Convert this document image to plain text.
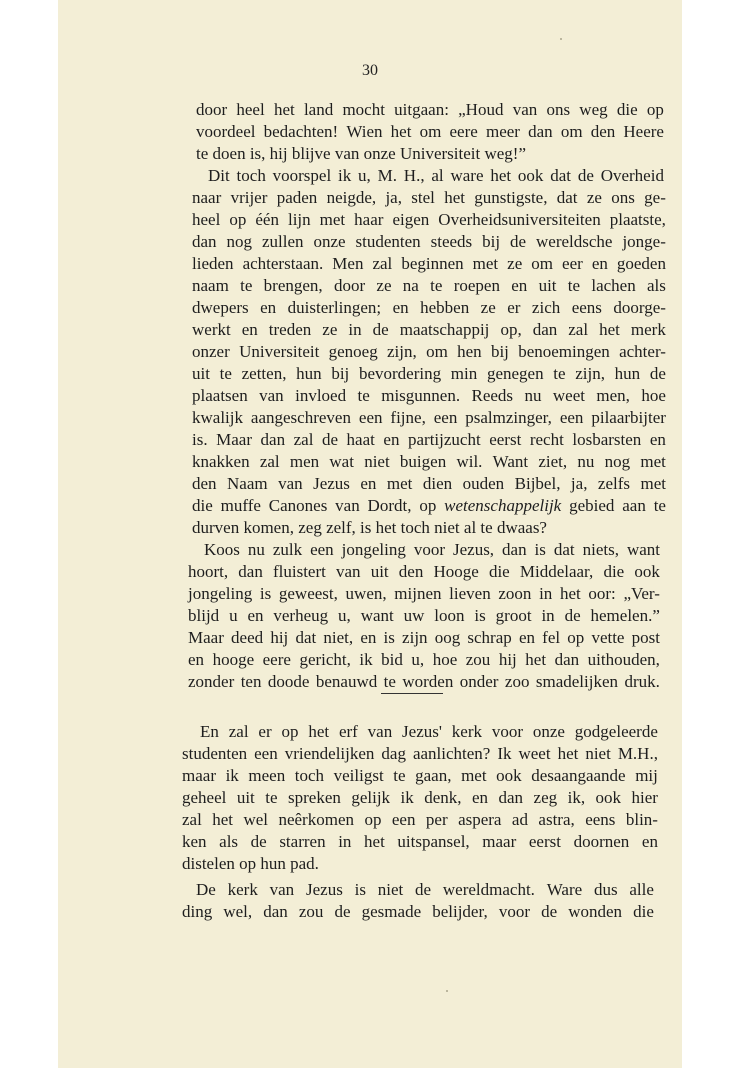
30
door heel het land mocht uitgaan: „Houd van ons weg die op
voordeel bedachten! Wien het om eere meer dan om den Heere
te doen is, hij blijve van onze Universiteit weg!”
Dit toch voorspel ik u, M. H., al ware het ook dat de Overheid
naar vrijer paden neigde, ja, stel het gunstigste, dat ze ons ge-
heel op één lijn met haar eigen Overheidsuniversiteiten plaatste,
dan nog zullen onze studenten steeds bij de wereldsche jonge-
lieden achterstaan. Men zal beginnen met ze om eer en goeden
naam te brengen, door ze na te roepen en uit te lachen als
dwepers en duisterlingen; en hebben ze er zich eens doorge-
werkt en treden ze in de maatschappij op, dan zal het merk
onzer Universiteit genoeg zijn, om hen bij benoemingen achter-
uit te zetten, hun bij bevordering min genegen te zijn, hun de
plaatsen van invloed te misgunnen. Reeds nu weet men, hoe
kwalijk aangeschreven een fijne, een psalmzinger, een pilaarbijter
is. Maar dan zal de haat en partijzucht eerst recht losbarsten en
knakken zal men wat niet buigen wil. Want ziet, nu nog met
den Naam van Jezus en met dien ouden Bijbel, ja, zelfs met
die muffe Canones van Dordt, op wetenschappelijk gebied aan te
durven komen, zeg zelf, is het toch niet al te dwaas?
Koos nu zulk een jongeling voor Jezus, dan is dat niets, want
hoort, dan fluistert van uit den Hooge die Middelaar, die ook
jongeling is geweest, uwen, mijnen lieven zoon in het oor: „Ver-
blijd u en verheug u, want uw loon is groot in de hemelen.”
Maar deed hij dat niet, en is zijn oog schrap en fel op vette post
en hooge eere gericht, ik bid u, hoe zou hij het dan uithouden,
zonder ten doode benauwd te worden onder zoo smadelijken druk.
En zal er op het erf van Jezus' kerk voor onze godgeleerde
studenten een vriendelijken dag aanlichten? Ik weet het niet M.H.,
maar ik meen toch veiligst te gaan, met ook desaangaande mij
geheel uit te spreken gelijk ik denk, en dan zeg ik, ook hier
zal het wel neêrkomen op een per aspera ad astra, eens blin-
ken als de starren in het uitspansel, maar eerst doornen en
distelen op hun pad.
De kerk van Jezus is niet de wereldmacht. Ware dus alle
ding wel, dan zou de gesmade belijder, voor de wonden die
